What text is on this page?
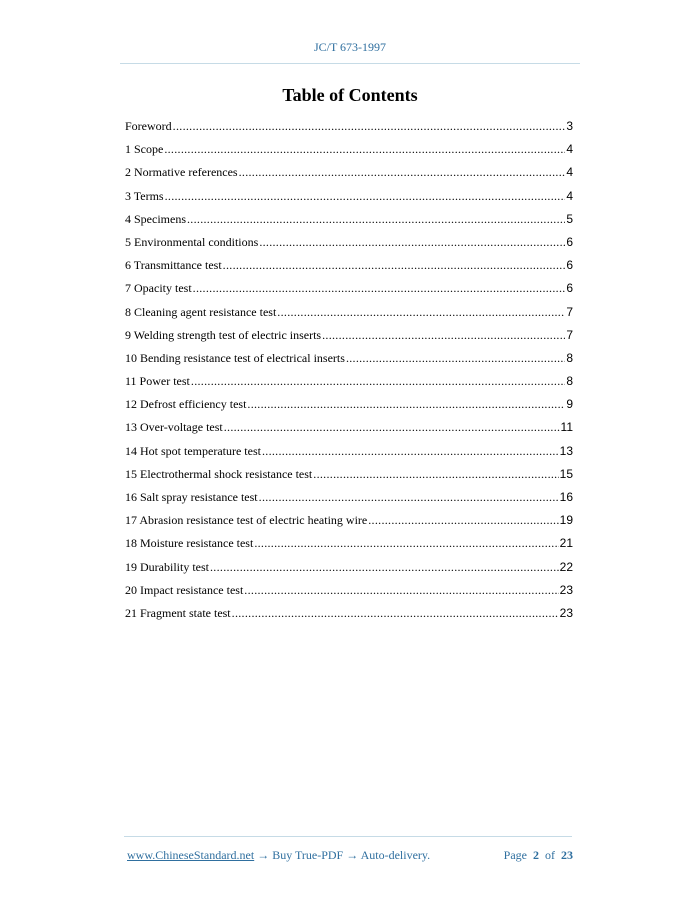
JC/T 673-1997
Table of Contents
Foreword .....	3
1 Scope .....	4
2 Normative references .....	4
3 Terms .....	4
4 Specimens .....	5
5 Environmental conditions .....	6
6 Transmittance test .....	6
7 Opacity test .....	6
8 Cleaning agent resistance test .....	7
9 Welding strength test of electric inserts .....	7
10 Bending resistance test of electrical inserts .....	8
11 Power test .....	8
12 Defrost efficiency test .....	9
13 Over-voltage test .....	11
14 Hot spot temperature test .....	13
15 Electrothermal shock resistance test .....	15
16 Salt spray resistance test .....	16
17 Abrasion resistance test of electric heating wire .....	19
18 Moisture resistance test .....	21
19 Durability test .....	22
20 Impact resistance test .....	23
21 Fragment state test .....	23
www.ChineseStandard.net → Buy True-PDF → Auto-delivery.	Page 2 of 23
